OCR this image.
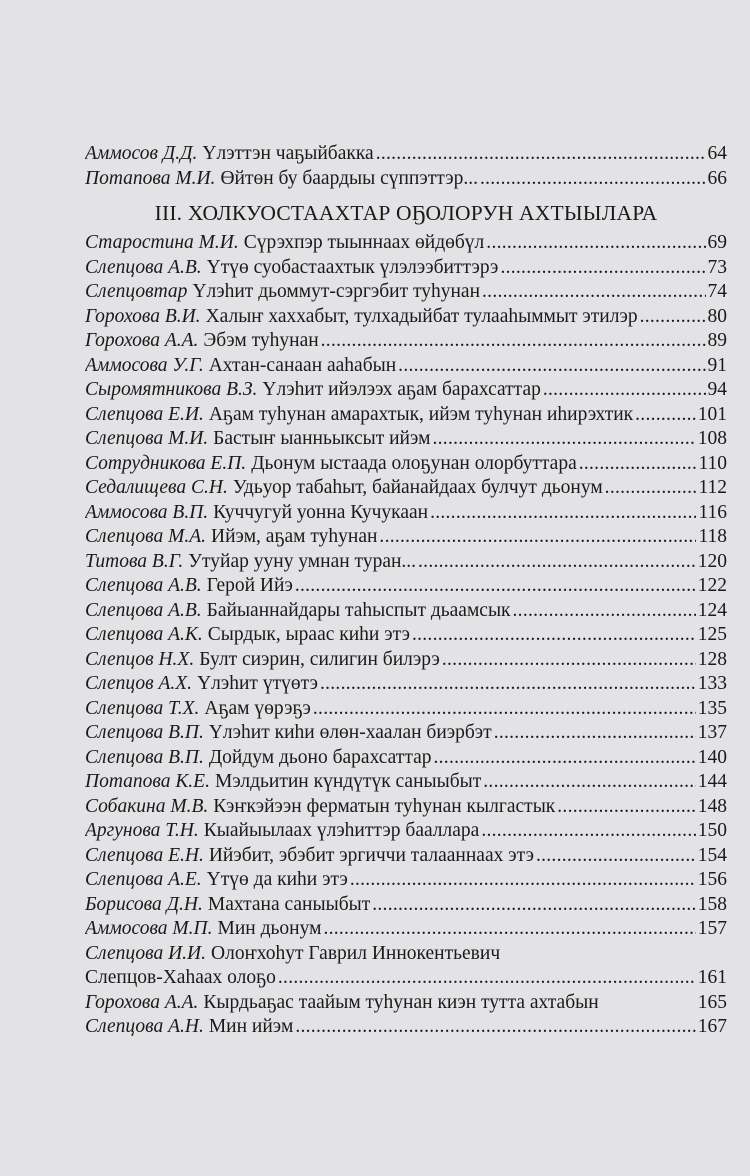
Аммосов Д.Д. Үлэттэн чаҕыйбакка . . .	64
Потапова М.И. Өйтөн бу баардыы сүппэттэр... . . .	66
III. ХОЛКУОСТААХТАР ОҔОЛОРУН АХТЫЫЛАРА
Старостина М.И. Сүрэхпэр тыыннаах өйдөбүл . . .	69
Слепцова А.В. Үтүө суобастаахтык үлэлээбиттэрэ . . .	73
Слепцовтар Үлэһит дьоммут-сэргэбит туһунан . . .	74
Горохова В.И. Халыҥ хаххабыт, тулхадыйбат тулааһыммыт этилэр . . .	80
Горохова А.А. Эбэм туһунан . . .	89
Аммосова У.Г. Ахтан-санаан ааһабын . . .	91
Сыромятникова В.З. Үлэһит ийэлээх аҕам барахсаттар . . .	94
Слепцова Е.И. Аҕам туһунан амарахтык, ийэм туһунан иһирэхтик . . .	101
Слепцова М.И. Бастыҥ ыанньыксыт ийэм . . .	108
Сотрудникова Е.П. Дьонум ыстаада олоҕунан олорбуттара . . .	110
Седалищева С.Н. Удьуор табаһыт, байанайдаах булчут дьонум . . .	112
Аммосова В.П. Куччугуй уонна Кучукаан . . .	116
Слепцова М.А. Ийэм, аҕам туһунан . . .	118
Титова В.Г. Утуйар ууну умнан туран... . . .	120
Слепцова А.В. Герой Ийэ . . .	122
Слепцова А.В. Байыаннайдары таһыспыт дьаамсык . . .	124
Слепцова А.К. Сырдык, ыраас киһи этэ . . .	125
Слепцов Н.Х. Булт сиэрин, силигин билэрэ . . .	128
Слепцов А.Х. Үлэһит үтүөтэ . . .	133
Слепцова Т.Х. Аҕам үөрэҕэ . . .	135
Слепцова В.П. Үлэһит киһи өлөн-хаалан биэрбэт . . .	137
Слепцова В.П. Дойдум дьоно барахсаттар . . .	140
Потапова К.Е. Мэлдьитин күндүтүк саныыбыт . . .	144
Собакина М.В. Кэҥкэйээн ферматын туһунан кылгастык . . .	148
Аргунова Т.Н. Кыайыылаах үлэһиттэр бааллара . . .	150
Слепцова Е.Н. Ийэбит, эбэбит эргиччи талааннаах этэ . . .	154
Слепцова А.Е. Үтүө да киһи этэ . . .	156
Борисова Д.Н. Махтана саныыбыт . . .	158
Аммосова М.П. Мин дьонум . . .	157
Слепцова И.И. Олоҥхоһут Гаврил Иннокентьевич
Слепцов-Хаһаах олоҕо . . .	161
Горохова А.А. Кырдьаҕас таайым туһунан киэн тутта ахтабын	165
Слепцова А.Н. Мин ийэм . . .	167
